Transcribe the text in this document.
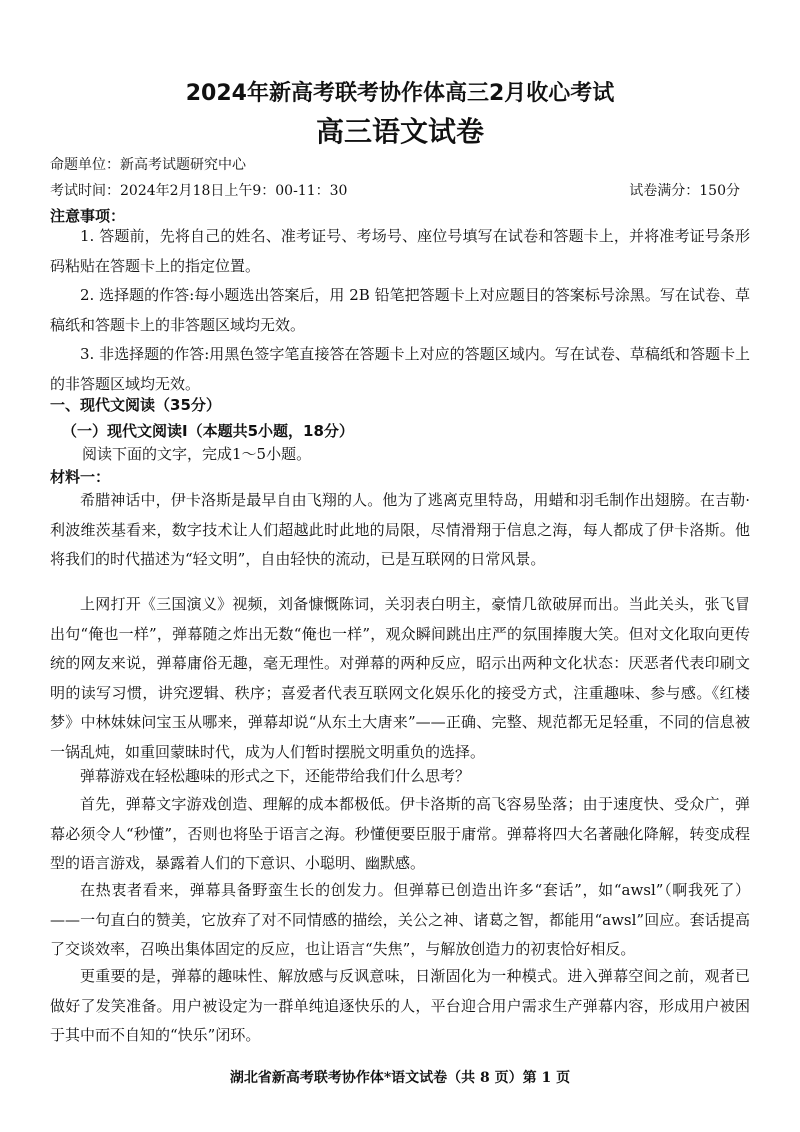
2024年新高考联考协作体高三2月收心考试
高三语文试卷
命题单位：新高考试题研究中心
考试时间：2024年2月18日上午9：00-11：30	试卷满分：150分
注意事项：

1. 答题前，先将自己的姓名、准考证号、考场号、座位号填写在试卷和答题卡上，并将准考证号条形码粘贴在答题卡上的指定位置。

2. 选择题的作答:每小题选出答案后，用 2B 铅笔把答题卡上对应题目的答案标号涂黑。写在试卷、草稿纸和答题卡上的非答题区域均无效。

3. 非选择题的作答:用黑色签字笔直接答在答题卡上对应的答题区域内。写在试卷、草稿纸和答题卡上的非答题区域均无效。

一、现代文阅读（35分）
（一）现代文阅读Ⅰ（本题共5小题，18分）
阅读下面的文字，完成1～5小题。
材料一：

希腊神话中，伊卡洛斯是最早自由飞翔的人。他为了逃离克里特岛，用蜡和羽毛制作出翅膀。在吉勒·利波维茨基看来，数字技术让人们超越此时此地的局限，尽情滑翔于信息之海，每人都成了伊卡洛斯。他将我们的时代描述为“轻文明”，自由轻快的流动，已是互联网的日常风景。

上网打开《三国演义》视频，刘备慷慨陈词，关羽表白明主，豪情几欲破屏而出。当此关头，张飞冒出句“俺也一样”，弹幕随之炸出无数“俺也一样”，观众瞬间跳出庄严的氛围捧腹大笑。但对文化取向更传统的网友来说，弹幕庸俗无趣，毫无理性。对弹幕的两种反应，昭示出两种文化状态：厌恶者代表印刷文明的读写习惯，讲究逻辑、秩序；喜爱者代表互联网文化娱乐化的接受方式，注重趣味、参与感。《红楼梦》中林妹妹问宝玉从哪来，弹幕却说“从东土大唐来”——正确、完整、规范都无足轻重，不同的信息被一锅乱炖，如重回蒙昧时代，成为人们暂时摆脱文明重负的选择。

弹幕游戏在轻松趣味的形式之下，还能带给我们什么思考？

首先，弹幕文字游戏创造、理解的成本都极低。伊卡洛斯的高飞容易坠落；由于速度快、受众广，弹幕必须令人“秒懂”，否则也将坠于语言之海。秒懂便要臣服于庸常。弹幕将四大名著融化降解，转变成程型的语言游戏，暴露着人们的下意识、小聪明、幽默感。

在热衷者看来，弹幕具备野蛮生长的创发力。但弹幕已创造出许多“套话”，如“awsl”（啊我死了）——一句直白的赞美，它放弃了对不同情感的描绘，关公之神、诸葛之智，都能用“awsl”回应。套话提高了交谈效率，召唤出集体固定的反应，也让语言“失焦”，与解放创造力的初衷恰好相反。

更重要的是，弹幕的趣味性、解放感与反讽意味，日渐固化为一种模式。进入弹幕空间之前，观者已做好了发笑准备。用户被设定为一群单纯追逐快乐的人，平台迎合用户需求生产弹幕内容，形成用户被困于其中而不自知的“快乐”闭环。

湖北省新高考联考协作体*语文试卷（共 8 页）第 1 页
